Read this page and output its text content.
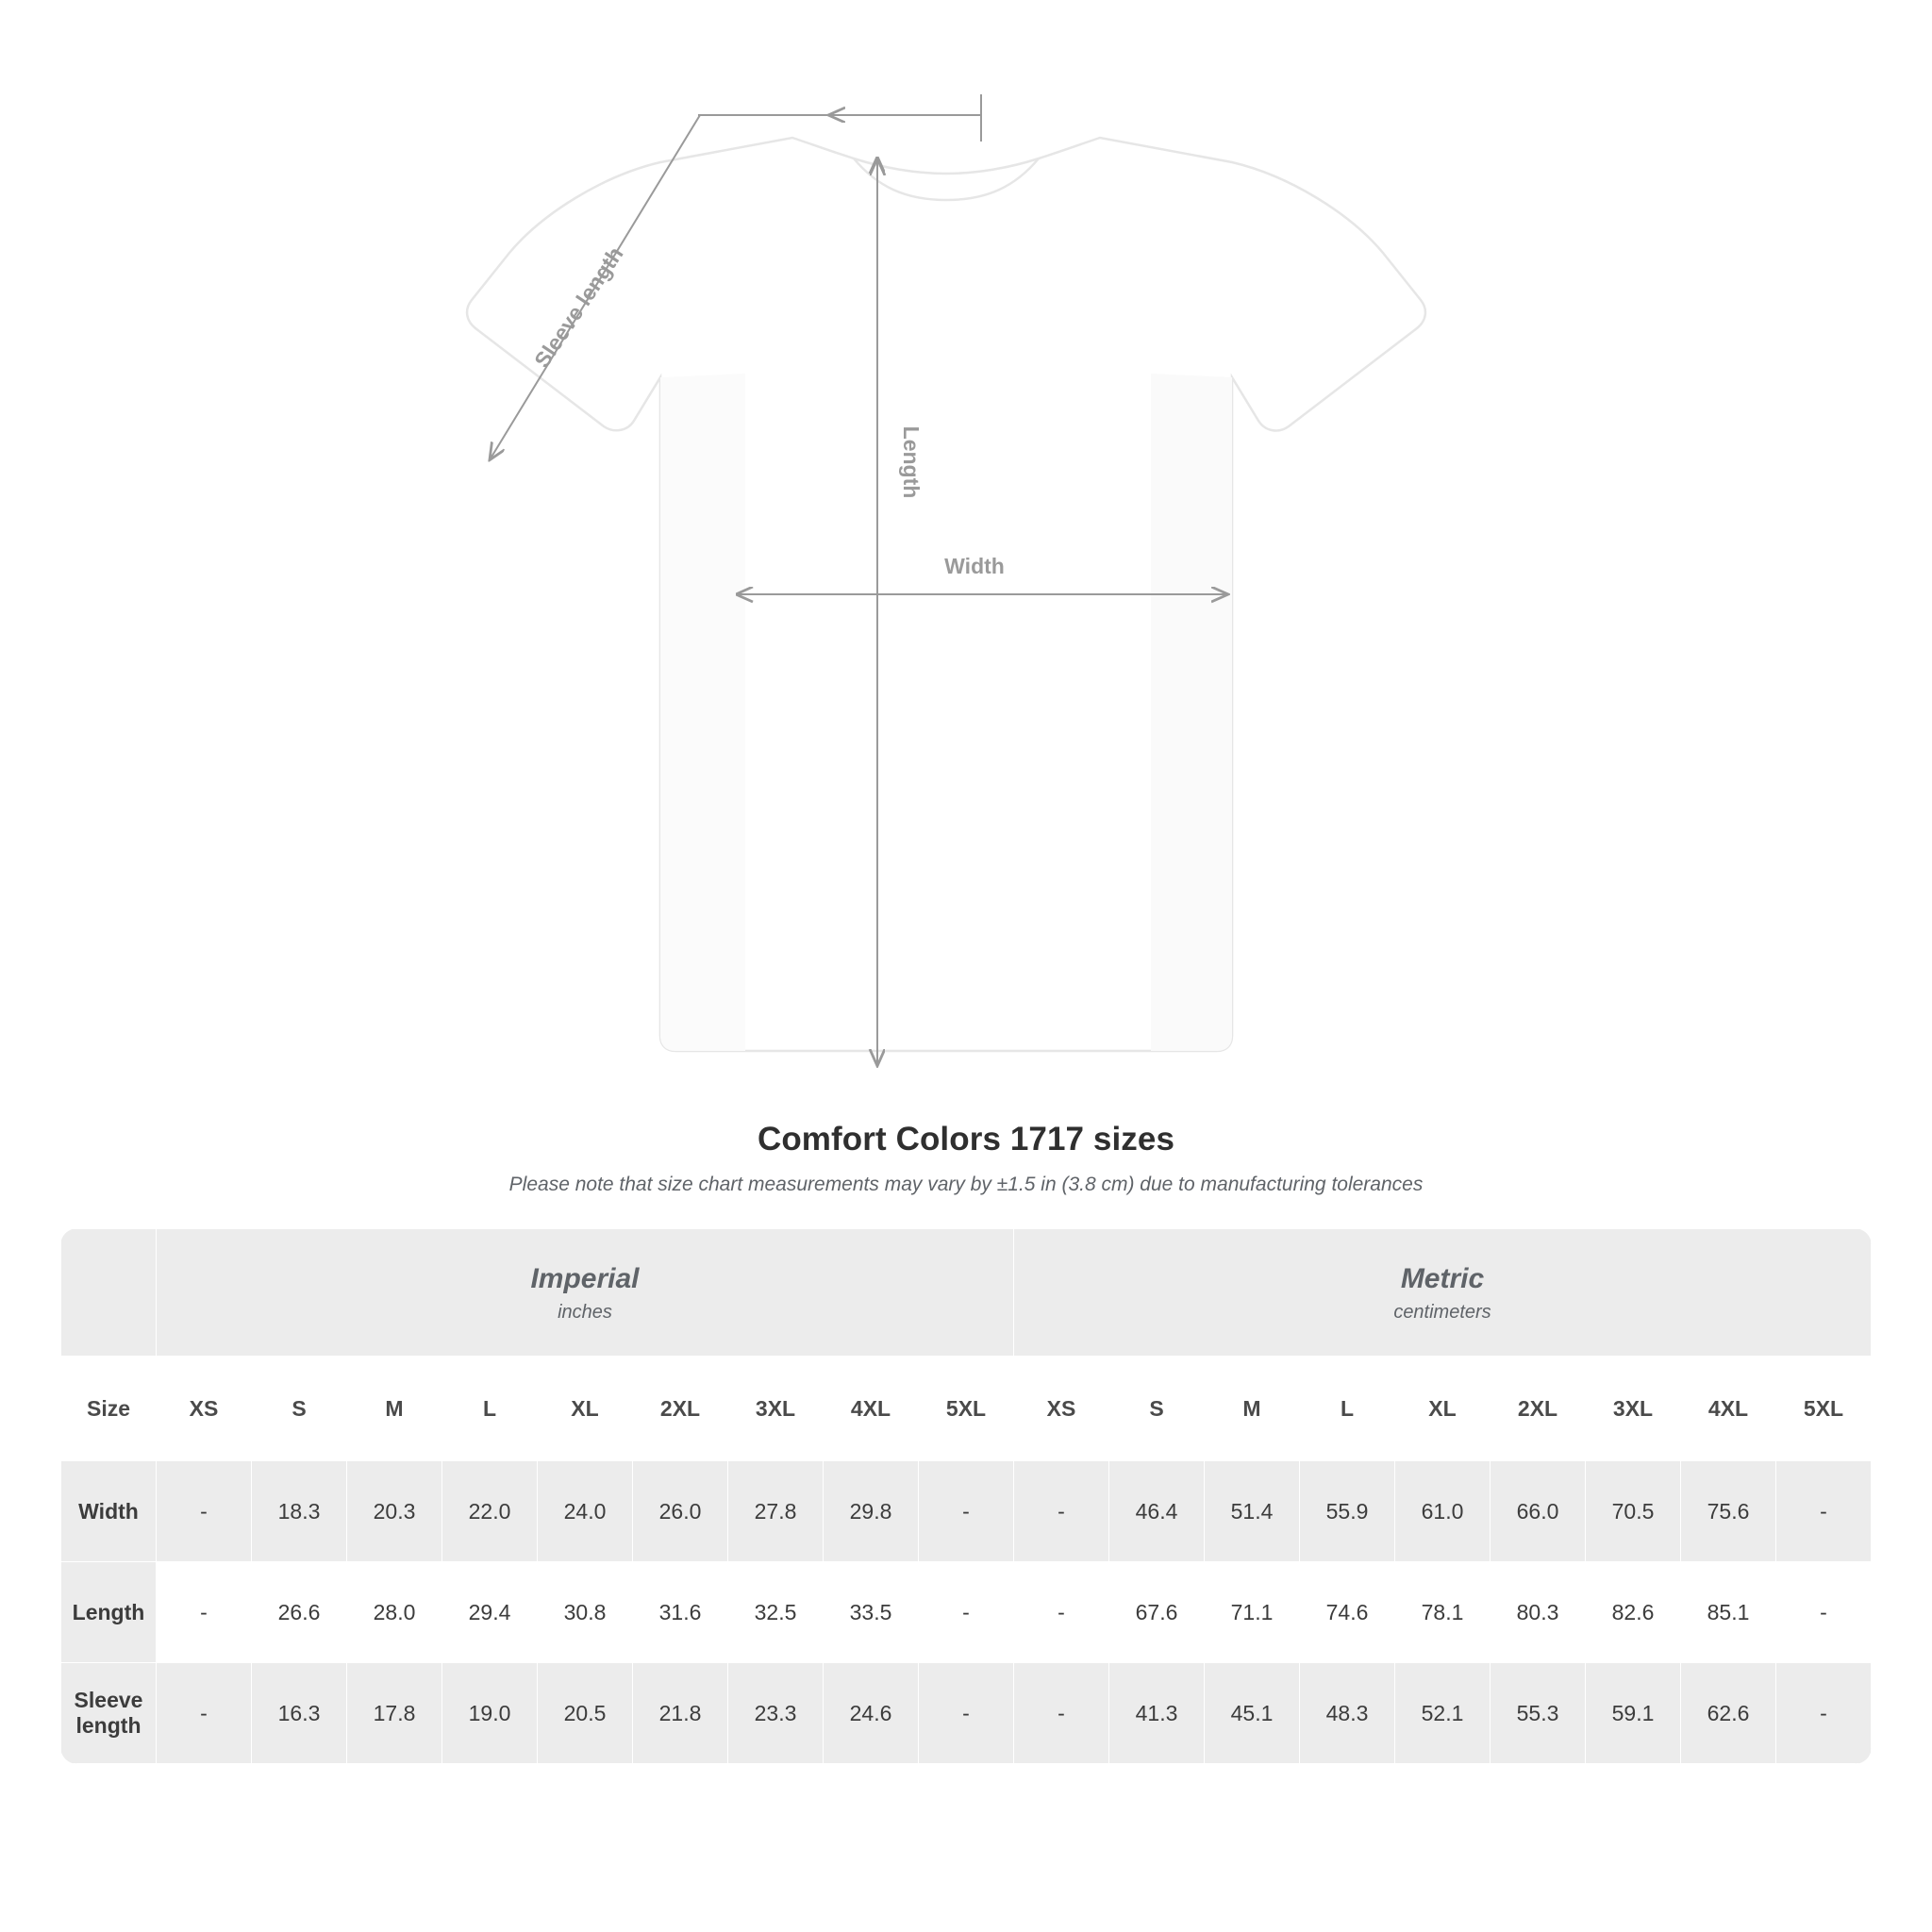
Sleeve length
Length
Width
Comfort Colors 1717 sizes
Please note that size chart measurements may vary by ±1.5 in (3.8 cm) due to manufacturing tolerances

Imperial
inches

Metric
centimeters

Size	XS	S	M	L	XL	2XL	3XL	4XL	5XL	XS	S	M	L	XL	2XL	3XL	4XL	5XL
Width	-	18.3	20.3	22.0	24.0	26.0	27.8	29.8	-	-	46.4	51.4	55.9	61.0	66.0	70.5	75.6	-
Length	-	26.6	28.0	29.4	30.8	31.6	32.5	33.5	-	-	67.6	71.1	74.6	78.1	80.3	82.6	85.1	-
Sleeve length	-	16.3	17.8	19.0	20.5	21.8	23.3	24.6	-	-	41.3	45.1	48.3	52.1	55.3	59.1	62.6	-
